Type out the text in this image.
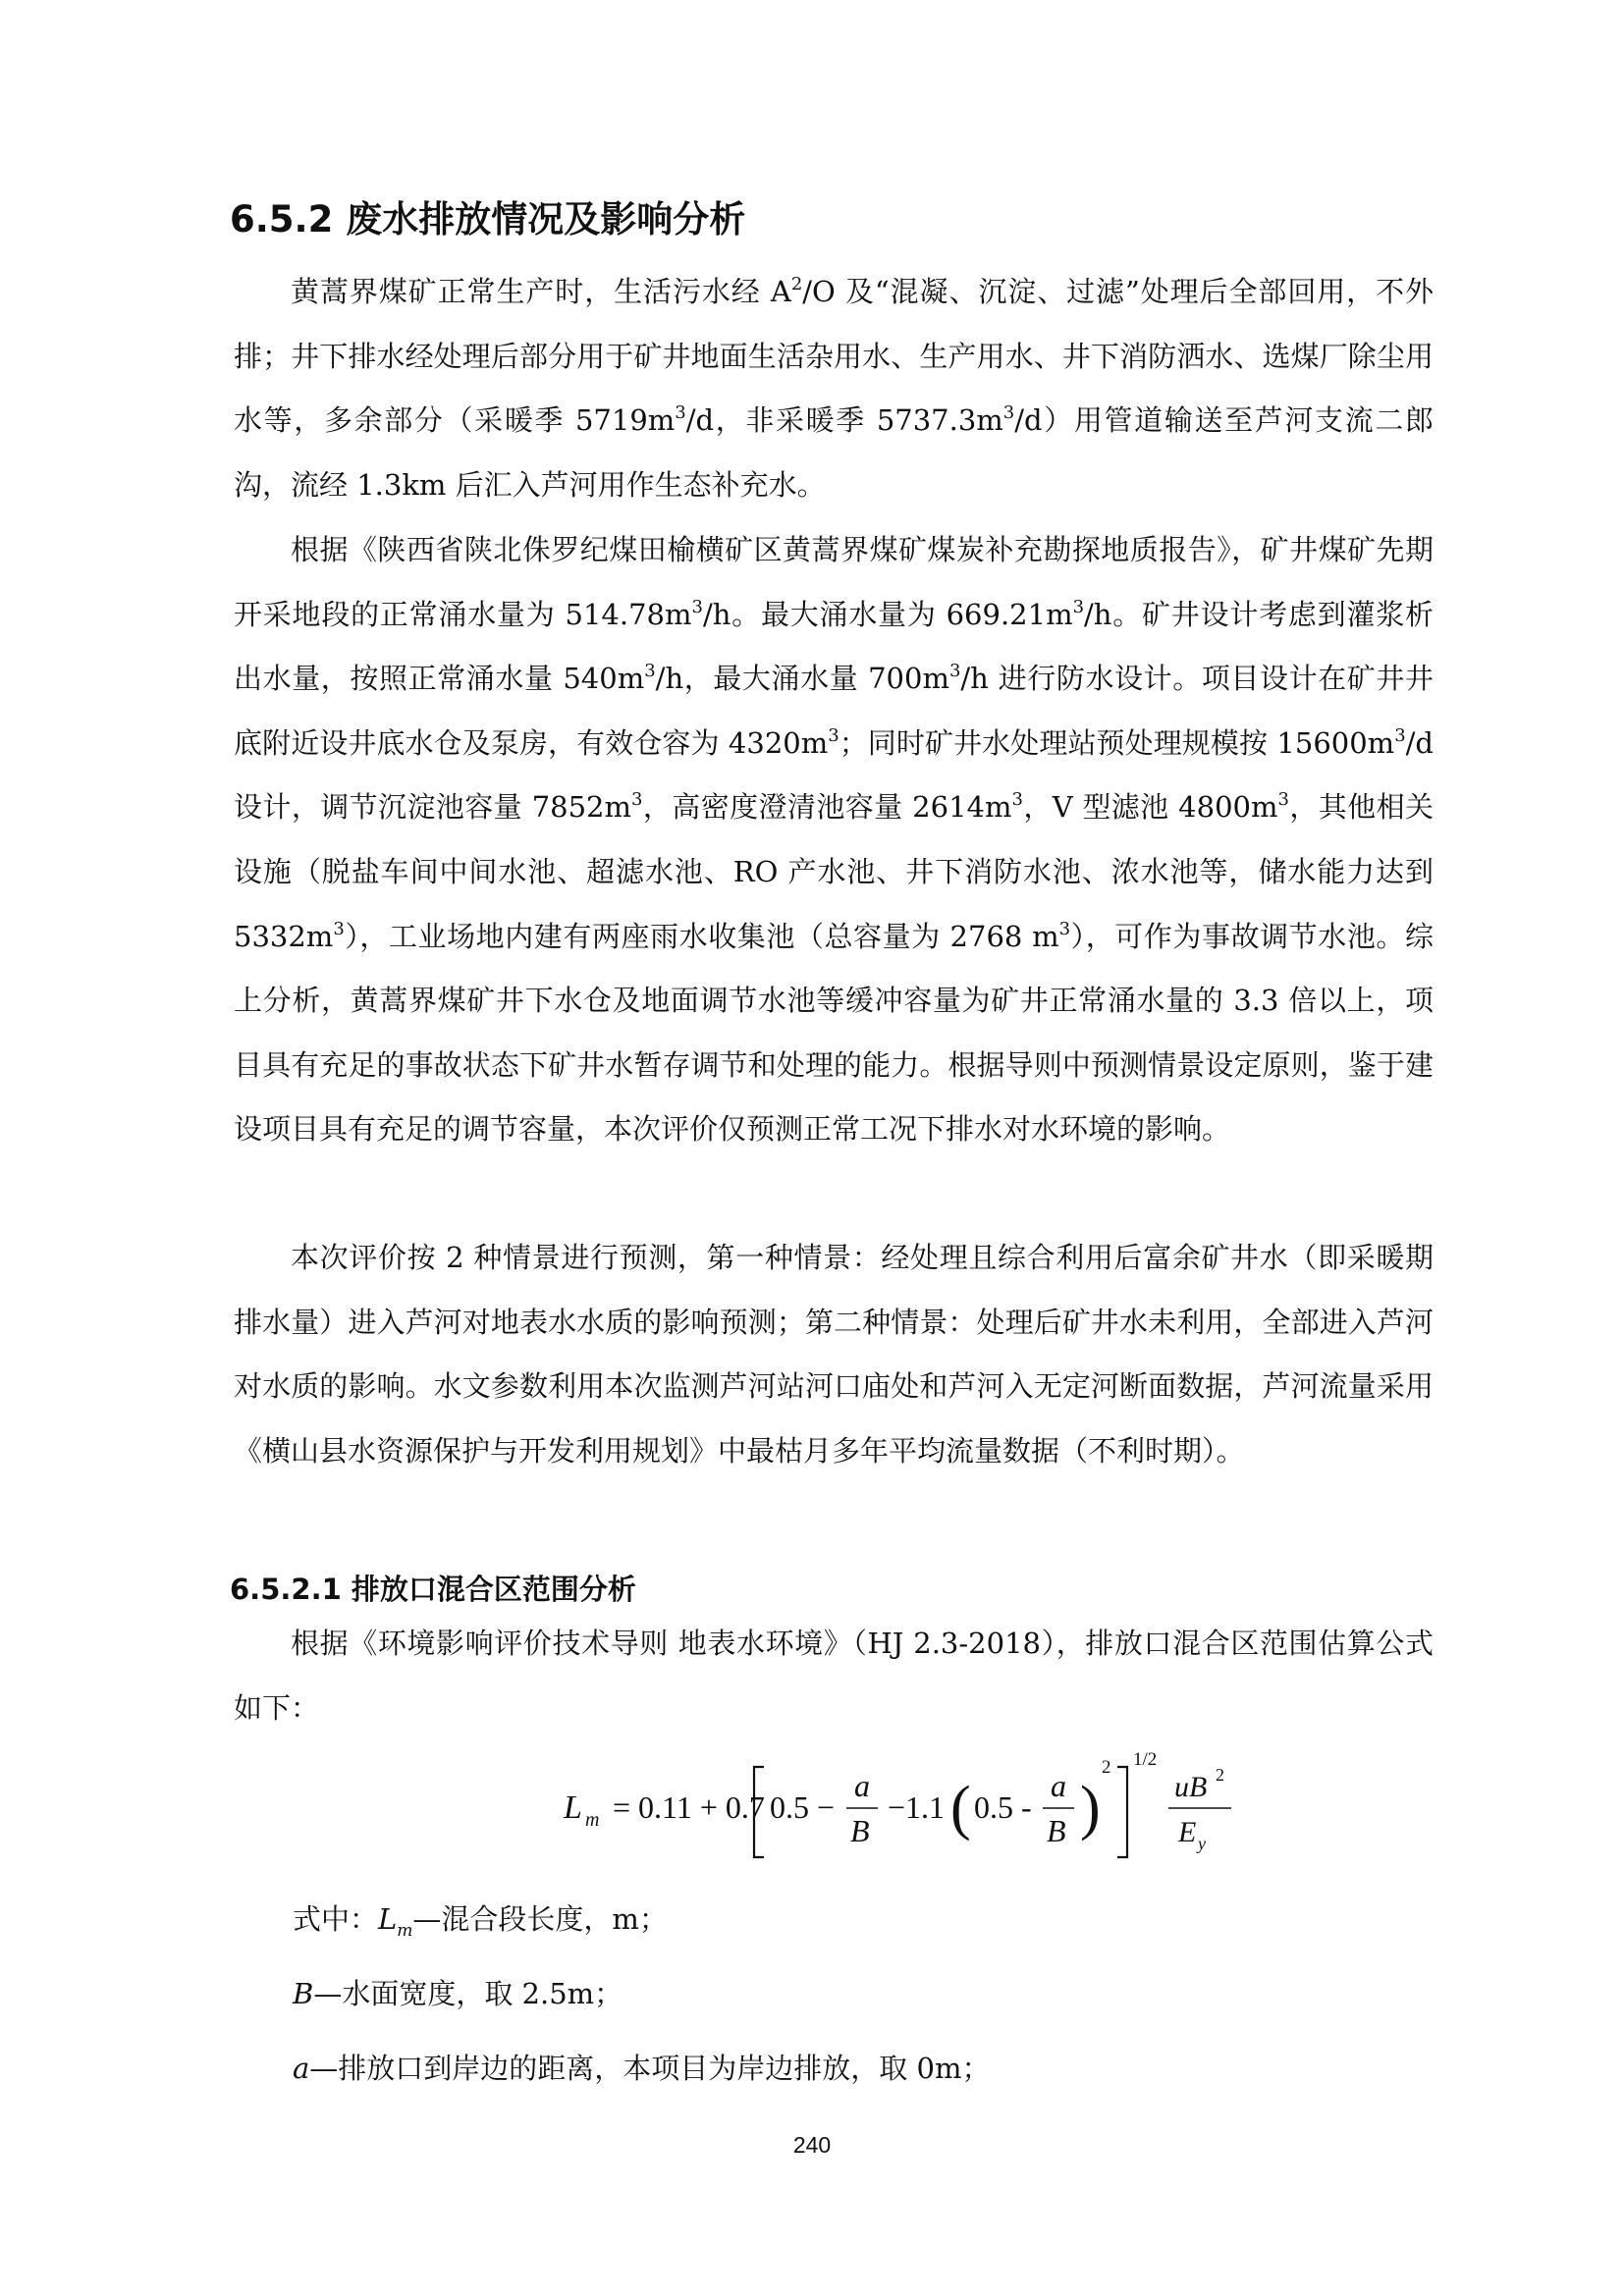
6.5.2 废水排放情况及影响分析
黄蒿界煤矿正常生产时，生活污水经 $A^2/O$ 及“混凝、沉淀、过滤”处理后全部回用，不外排；井下排水经处理后部分用于矿井地面生活杂用水、生产用水、井下消防洒水、选煤厂除尘用水等，多余部分（采暖季 $5719m^3/d$，非采暖季 $5737.3m^3/d$）用管道输送至芦河支流二郎沟，流经 1.3km 后汇入芦河用作生态补充水。
根据《陕西省陕北侏罗纪煤田榆横矿区黄蒿界煤矿煤炭补充勘探地质报告》，矿井煤矿先期开采地段的正常涌水量为 $514.78m^3/h$。最大涌水量为 $669.21m^3/h$。矿井设计考虑到灌浆析出水量，按照正常涌水量 $540m^3/h$，最大涌水量 $700m^3/h$ 进行防水设计。项目设计在矿井井底附近设井底水仓及泵房，有效仓容为 $4320m^3$；同时矿井水处理站预处理规模按 $15600m^3/d$ 设计，调节沉淀池容量 $7852m^3$，高密度澄清池容量 $2614m^3$，V 型滤池 $4800m^3$，其他相关设施（脱盐车间中间水池、超滤水池、RO 产水池、井下消防水池、浓水池等，储水能力达到 $5332m^3$），工业场地内建有两座雨水收集池（总容量为 2768 $m^3$），可作为事故调节水池。综上分析，黄蒿界煤矿井下水仓及地面调节水池等缓冲容量为矿井正常涌水量的 3.3 倍以上，项目具有充足的事故状态下矿井水暂存调节和处理的能力。根据导则中预测情景设定原则，鉴于建设项目具有充足的调节容量，本次评价仅预测正常工况下排水对水环境的影响。
本次评价按 2 种情景进行预测，第一种情景：经处理且综合利用后富余矿井水（即采暖期排水量）进入芦河对地表水水质的影响预测；第二种情景：处理后矿井水未利用，全部进入芦河对水质的影响。水文参数利用本次监测芦河站河口庙处和芦河入无定河断面数据，芦河流量采用《横山县水资源保护与开发利用规划》中最枯月多年平均流量数据（不利时期）。
6.5.2.1 排放口混合区范围分析
根据《环境影响评价技术导则 地表水环境》（HJ 2.3-2018），排放口混合区范围估算公式如下：
L m = 0.11 + 0.7 0.5 −
a
B
−1.1 ( 0.5 -
a
B )
2 1/2
uB 2
E y
式中：$L_m—$混合段长度，m；
B—水面宽度，取 2.5m；
a—排放口到岸边的距离，本项目为岸边排放，取 0m；
240
